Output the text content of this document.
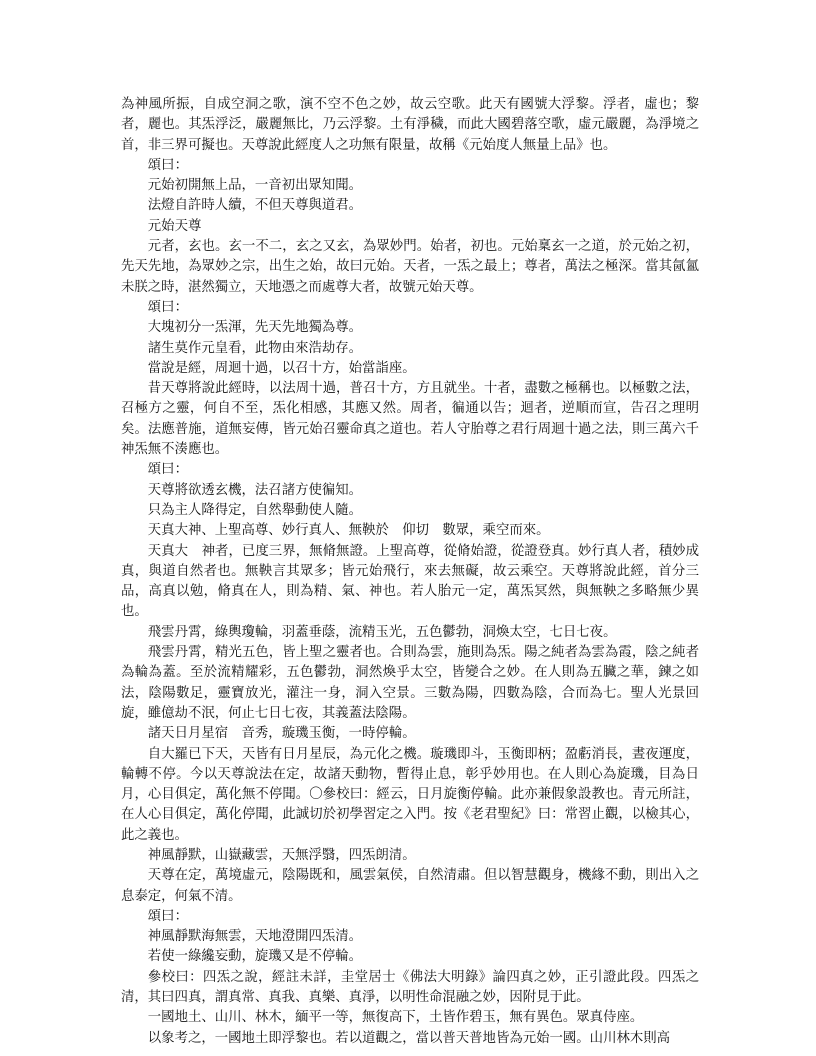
為神風所振，自成空洞之歌，演不空不色之妙，故云空歌。此天有國號大浮黎。浮者，虛也；黎者，麗也。其炁浮泛，嚴麗無比，乃云浮黎。土有淨穢，而此大國碧落空歌，虛元嚴麗，為淨境之首，非三界可擬也。天尊說此經度人之功無有限量，故稱《元始度人無量上品》也。

頌曰：

元始初開無上品，一音初出眾知聞。

法燈自許時人續，不但天尊與道君。

元始天尊

元者，玄也。玄一不二，玄之又玄，為眾妙門。始者，初也。元始稟玄一之道，於元始之初，先天先地，為眾妙之宗，出生之始，故曰元始。天者，一炁之最上；尊者，萬法之極深。當其氤氳未朕之時，湛然獨立，天地憑之而處尊大者，故號元始天尊。

頌曰：

大塊初分一炁渾，先天先地獨為尊。

諸生莫作元皇看，此物由來浩劫存。

當說是經，周迴十過，以召十方，始當詣座。

昔天尊將說此經時，以法周十過，普召十方，方且就坐。十者，盡數之極稱也。以極數之法，召極方之靈，何自不至，炁化相感，其應又然。周者，徧通以告；迴者，逆順而宣，告召之理明矣。法應普施，道無妄傳，皆元始召靈命真之道也。若人守胎尊之君行周迴十過之法，則三萬六千神炁無不湊應也。

頌曰：

天尊將欲透玄機，法召諸方使徧知。

只為主人降得定，自然舉動使人隨。

天真大神、上聖高尊、妙行真人、無鞅於　仰切　數眾，乘空而來。

天真大　神者，已度三界，無脩無證。上聖高尊，從脩始證，從證登真。妙行真人者，積妙成真，與道自然者也。無鞅言其眾多；皆元始飛行，來去無礙，故云乘空。天尊將說此經，首分三品，高真以勉，脩真在人，則為精、氣、神也。若人胎元一定，萬炁冥然，與無鞅之多略無少異也。

飛雲丹霄，綠輿瓊輪，羽蓋垂蔭，流精玉光，五色鬱勃，洞煥太空，七日七夜。

飛雲丹霄，精光五色，皆上聖之靈者也。合則為雲，施則為炁。陽之純者為雲為霞，陰之純者為輪為蓋。至於流精耀彩，五色鬱勃，洞然煥乎太空，皆變合之妙。在人則為五臟之華，鍊之如法，陰陽數足，靈寶放光，灌注一身，洞入空景。三數為陽，四數為陰，合而為七。聖人光景回旋，雖億劫不泯，何止七日七夜，其義蓋法陰陽。

諸天日月星宿　音秀，璇璣玉衡，一時停輪。

自大羅已下天，天皆有日月星辰，為元化之機。璇璣即斗，玉衡即柄；盈虧消長，晝夜運度，輪轉不停。今以天尊說法在定，故諸天動物，暫得止息，彰乎妙用也。在人則心為旋璣，目為日月，心目俱定，萬化無不停聞。〇參校曰：經云，日月旋衡停輪。此亦兼假象設教也。青元所註，在人心目俱定，萬化停聞，此誠切於初學習定之入門。按《老君聖紀》曰：常習止觀，以檢其心，此之義也。

神風靜默，山嶽藏雲，天無浮翳，四炁朗清。

天尊在定，萬境虛元，陰陽既和，風雲氣侯，自然清肅。但以智慧觀身，機緣不動，則出入之息泰定，何氣不清。

頌曰：

神風靜默海無雲，天地澄開四炁清。

若使一綠纔妄動，旋璣又是不停輪。

參校曰：四炁之說，經註未詳，圭堂居士《佛法大明錄》論四真之妙，正引證此段。四炁之清，其曰四真，謂真常、真我、真樂、真淨，以明性命混融之妙，因附見于此。

一國地土、山川、林木，緬平一等，無復高下，土皆作碧玉，無有異色。眾真侍座。

以象考之，一國地土即浮黎也。若以道觀之，當以普天普地皆為元始一國。山川林木則高
